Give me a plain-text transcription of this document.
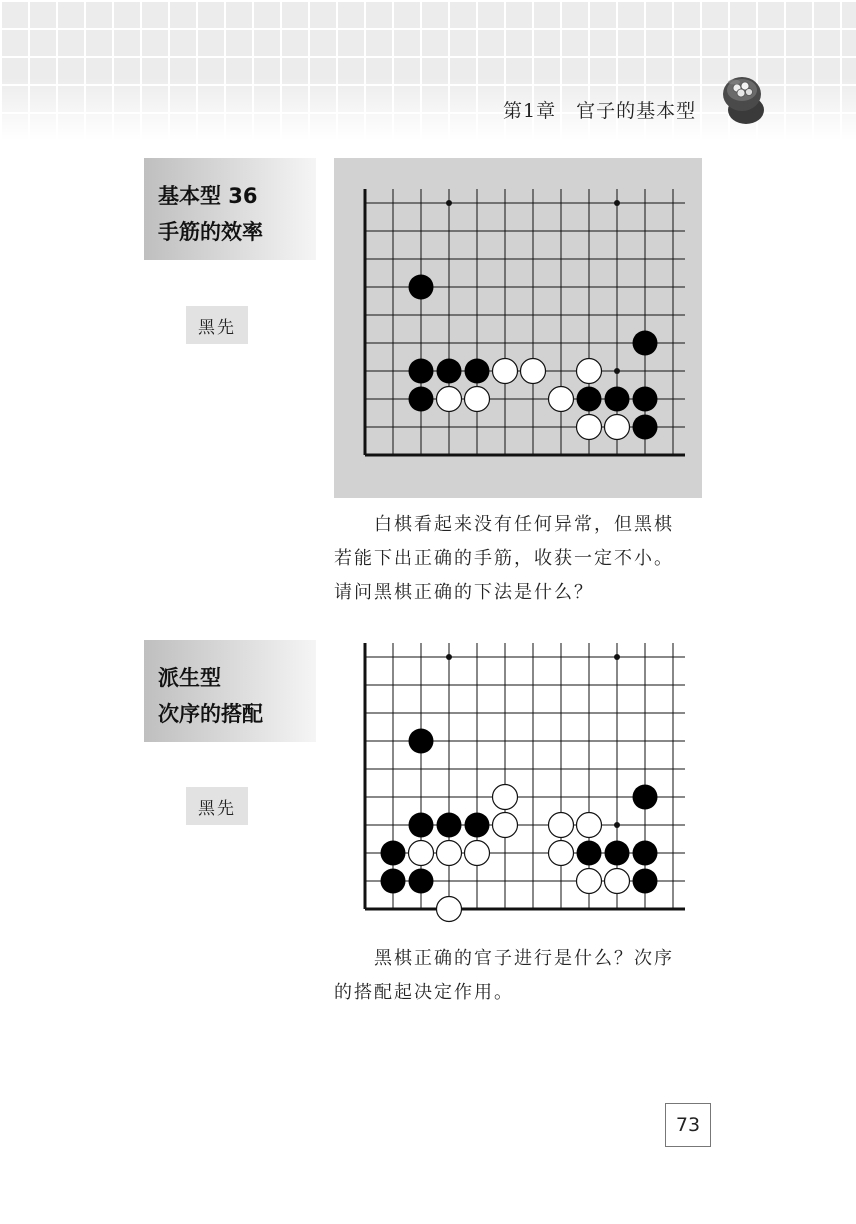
第1章　官子的基本型
基本型 36
手筋的效率
黑先

白棋看起来没有任何异常，但黑棋

若能下出正确的手筋，收获一定不小。

请问黑棋正确的下法是什么？

派生型
次序的搭配
黑先

黑棋正确的官子进行是什么？次序

的搭配起决定作用。

73
